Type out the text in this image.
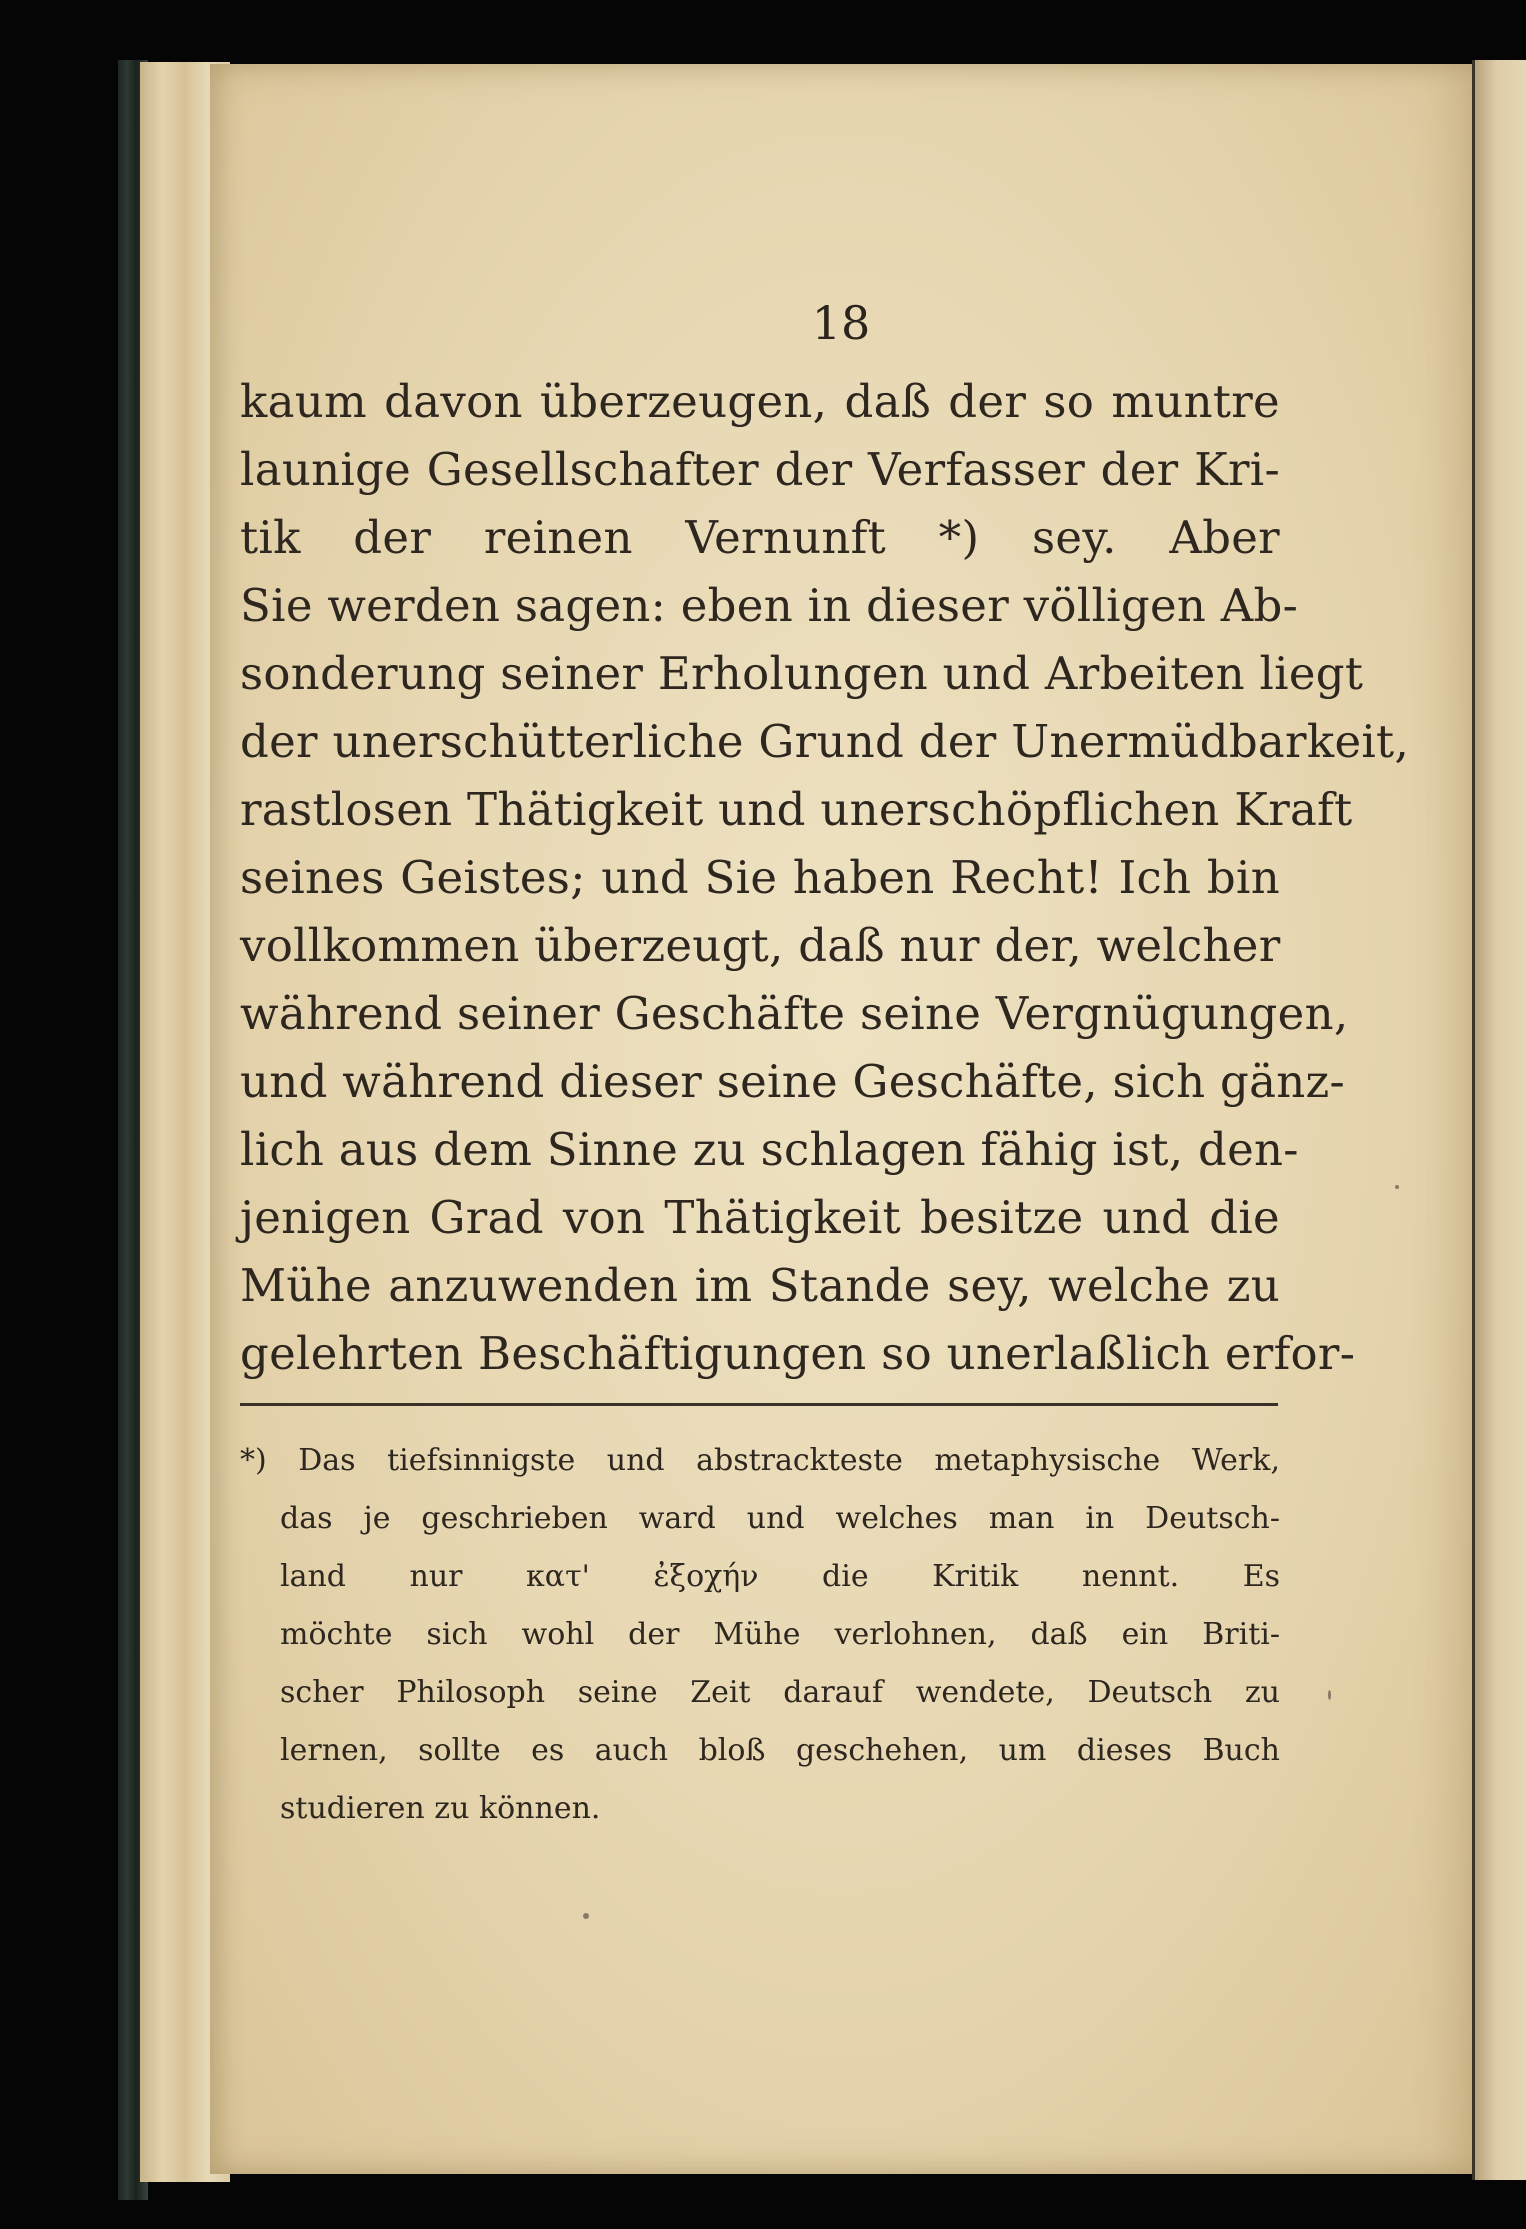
18
kaum davon überzeugen, daß der so muntre
launige Gesellschafter der Verfasser der Kri-
tik der reinen Vernunft *) sey. Aber
Sie werden sagen: eben in dieser völligen Ab-
sonderung seiner Erholungen und Arbeiten liegt
der unerschütterliche Grund der Unermüdbarkeit,
rastlosen Thätigkeit und unerschöpflichen Kraft
seines Geistes; und Sie haben Recht! Ich bin
vollkommen überzeugt, daß nur der, welcher
während seiner Geschäfte seine Vergnügungen,
und während dieser seine Geschäfte, sich gänz-
lich aus dem Sinne zu schlagen fähig ist, den-
jenigen Grad von Thätigkeit besitze und die
Mühe anzuwenden im Stande sey, welche zu
gelehrten Beschäftigungen so unerlaßlich erfor-
*) Das tiefsinnigste und abstrackteste metaphysische Werk,
das je geschrieben ward und welches man in Deutsch-
land nur κατ' ἐξοχήν die Kritik nennt. Es
möchte sich wohl der Mühe verlohnen, daß ein Briti-
scher Philosoph seine Zeit darauf wendete, Deutsch zu
lernen, sollte es auch bloß geschehen, um dieses Buch
studieren zu können.
